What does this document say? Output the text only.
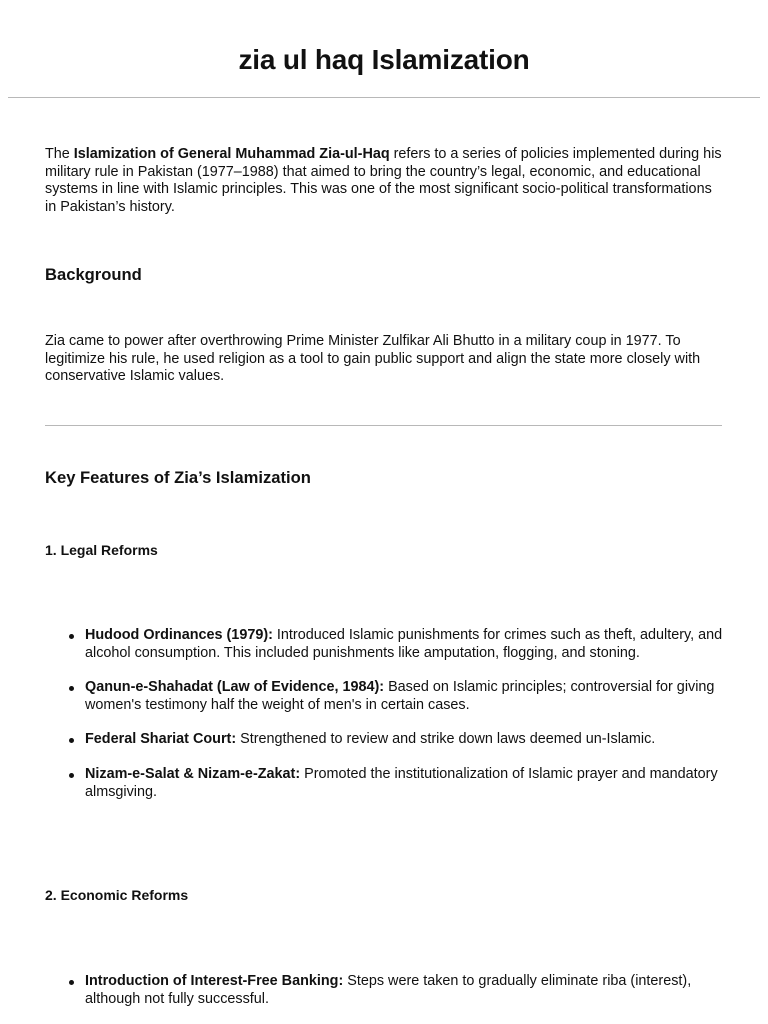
zia ul haq Islamization

The Islamization of General Muhammad Zia-ul-Haq refers to a series of policies implemented during his military rule in Pakistan (1977–1988) that aimed to bring the country’s legal, economic, and educational systems in line with Islamic principles. This was one of the most significant socio-political transformations in Pakistan’s history.

Background

Zia came to power after overthrowing Prime Minister Zulfikar Ali Bhutto in a military coup in 1977. To legitimize his rule, he used religion as a tool to gain public support and align the state more closely with conservative Islamic values.

Key Features of Zia’s Islamization
1. Legal Reforms
Hudood Ordinances (1979): Introduced Islamic punishments for crimes such as theft, adultery, and alcohol consumption. This included punishments like amputation, flogging, and stoning.
Qanun-e-Shahadat (Law of Evidence, 1984): Based on Islamic principles; controversial for giving women's testimony half the weight of men's in certain cases.
Federal Shariat Court: Strengthened to review and strike down laws deemed un-Islamic.
Nizam-e-Salat & Nizam-e-Zakat: Promoted the institutionalization of Islamic prayer and mandatory almsgiving.
2. Economic Reforms
Introduction of Interest-Free Banking: Steps were taken to gradually eliminate riba (interest), although not fully successful.
